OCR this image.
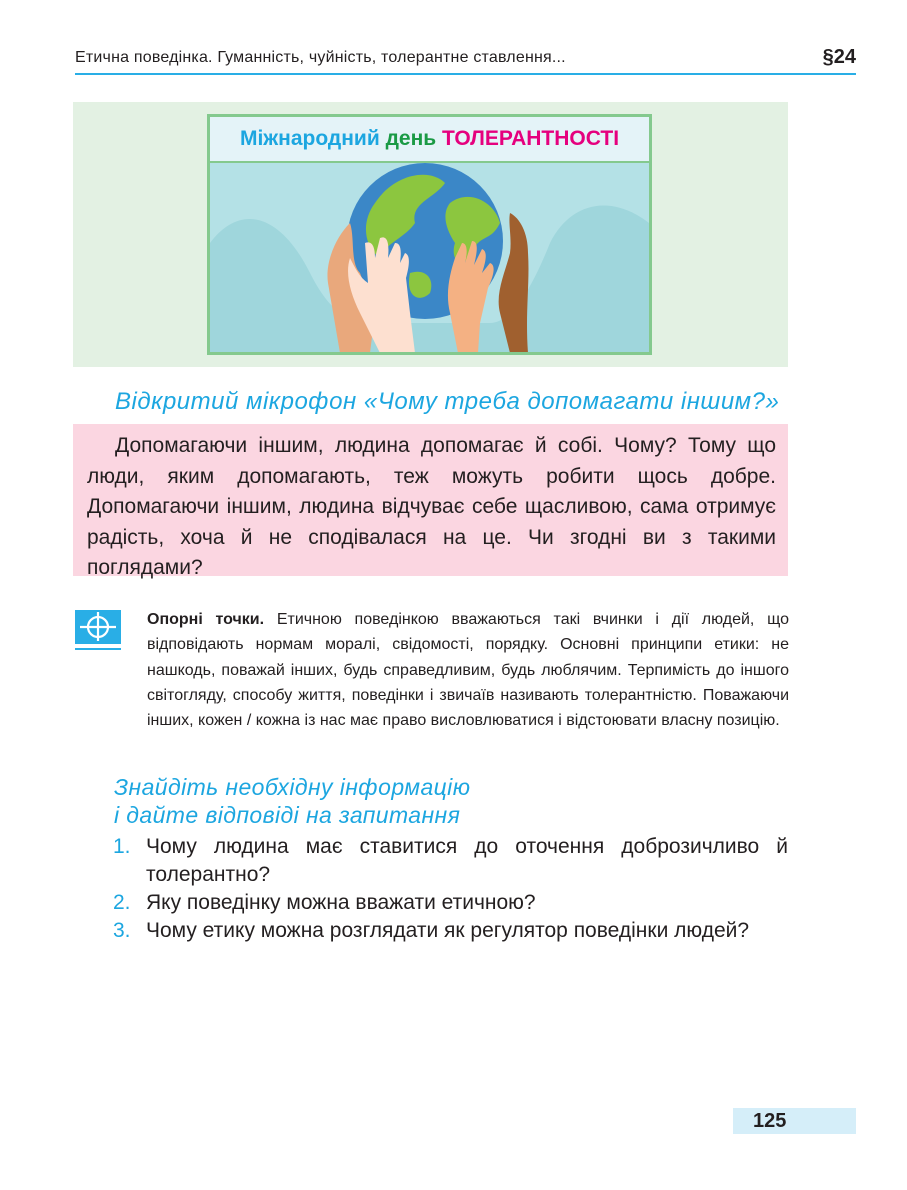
Етична поведінка. Гуманність, чуйність, толерантне ставлення...	§24
Міжнародний день ТОЛЕРАНТНОСТІ
Відкритий мікрофон «Чому треба допомагати іншим?»

Допомагаючи іншим, людина допомагає й собі. Чому? Тому що люди, яким допомагають, теж можуть робити щось добре. Допомагаючи іншим, людина відчуває себе щасливою, сама отримує радість, хоча й не сподівалася на це. Чи згодні ви з такими поглядами?

Опорні точки. Етичною поведінкою вважаються такі вчинки і дії людей, що відповідають нормам моралі, свідомості, порядку. Основні принципи етики: не нашкодь, поважай інших, будь справедливим, будь люблячим. Терпимість до іншого світогляду, способу життя, поведінки і звичаїв називають толерантністю. Поважаючи інших, кожен / кожна із нас має право висловлюватися і відстоювати власну позицію.

Знайдіть необхідну інформацію
і дайте відповіді на запитання
1. Чому людина має ставитися до оточення доброзичливо й толерантно?
2. Яку поведінку можна вважати етичною?
3. Чому етику можна розглядати як регулятор поведінки людей?
125
